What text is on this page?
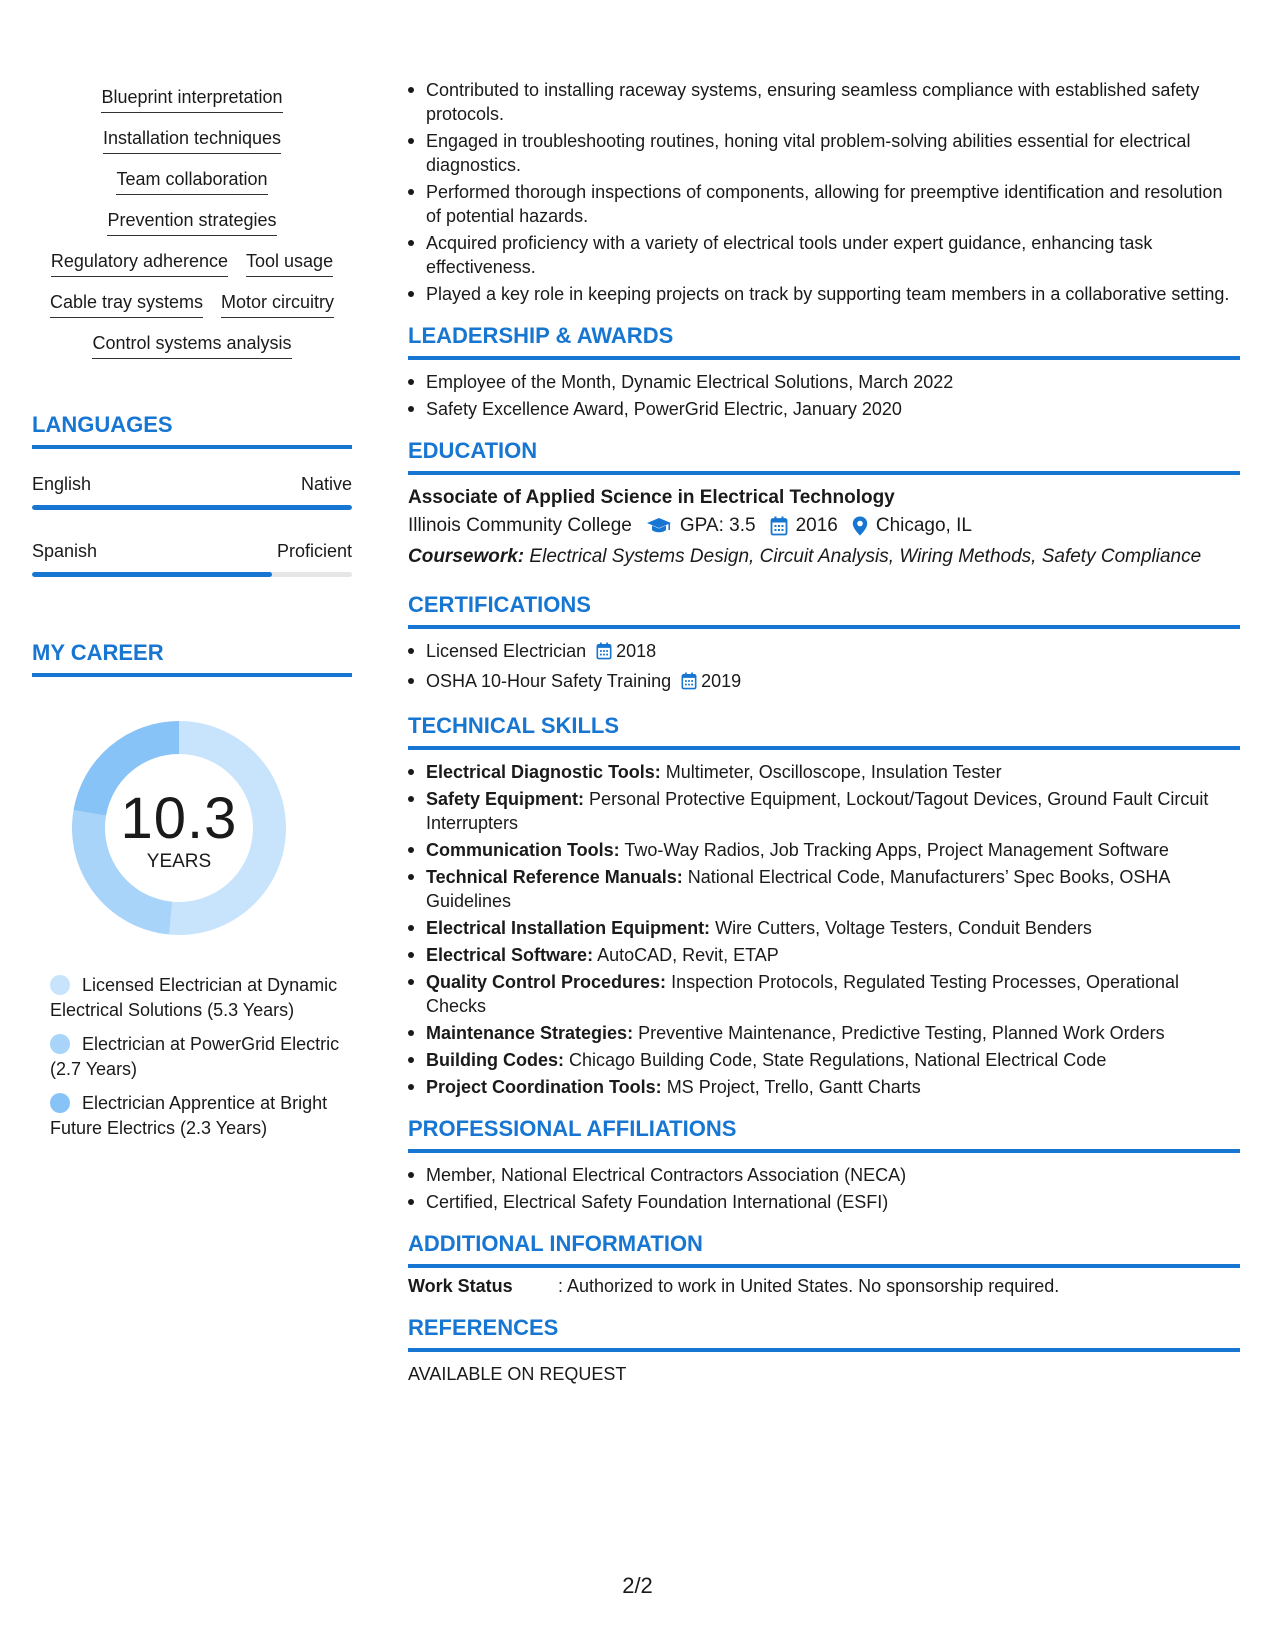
Blueprint interpretation
Installation techniques
Team collaboration
Prevention strategies
Regulatory adherence Tool usage
Cable tray systems Motor circuitry
Control systems analysis
LANGUAGES
English	Native
Spanish	Proficient
MY CAREER
10.3
YEARS
Licensed Electrician at Dynamic Electrical Solutions (5.3 Years)
Electrician at PowerGrid Electric (2.7 Years)
Electrician Apprentice at Bright Future Electrics (2.3 Years)
Contributed to installing raceway systems, ensuring seamless compliance with established safety protocols.
Engaged in troubleshooting routines, honing vital problem-solving abilities essential for electrical diagnostics.
Performed thorough inspections of components, allowing for preemptive identification and resolution of potential hazards.
Acquired proficiency with a variety of electrical tools under expert guidance, enhancing task effectiveness.
Played a key role in keeping projects on track by supporting team members in a collaborative setting.
LEADERSHIP & AWARDS
Employee of the Month, Dynamic Electrical Solutions, March 2022
Safety Excellence Award, PowerGrid Electric, January 2020
EDUCATION
Associate of Applied Science in Electrical Technology
Illinois Community College	GPA: 3.5 2016 Chicago, IL
Coursework: Electrical Systems Design, Circuit Analysis, Wiring Methods, Safety Compliance
CERTIFICATIONS
Licensed Electrician 2018
OSHA 10-Hour Safety Training 2019
TECHNICAL SKILLS
Electrical Diagnostic Tools: Multimeter, Oscilloscope, Insulation Tester
Safety Equipment: Personal Protective Equipment, Lockout/Tagout Devices, Ground Fault Circuit Interrupters
Communication Tools: Two-Way Radios, Job Tracking Apps, Project Management Software
Technical Reference Manuals: National Electrical Code, Manufacturers’ Spec Books, OSHA Guidelines
Electrical Installation Equipment: Wire Cutters, Voltage Testers, Conduit Benders
Electrical Software: AutoCAD, Revit, ETAP
Quality Control Procedures: Inspection Protocols, Regulated Testing Processes, Operational Checks
Maintenance Strategies: Preventive Maintenance, Predictive Testing, Planned Work Orders
Building Codes: Chicago Building Code, State Regulations, National Electrical Code
Project Coordination Tools: MS Project, Trello, Gantt Charts
PROFESSIONAL AFFILIATIONS
Member, National Electrical Contractors Association (NECA)
Certified, Electrical Safety Foundation International (ESFI)
ADDITIONAL INFORMATION
Work Status	: Authorized to work in United States. No sponsorship required.
REFERENCES
AVAILABLE ON REQUEST
2/2
